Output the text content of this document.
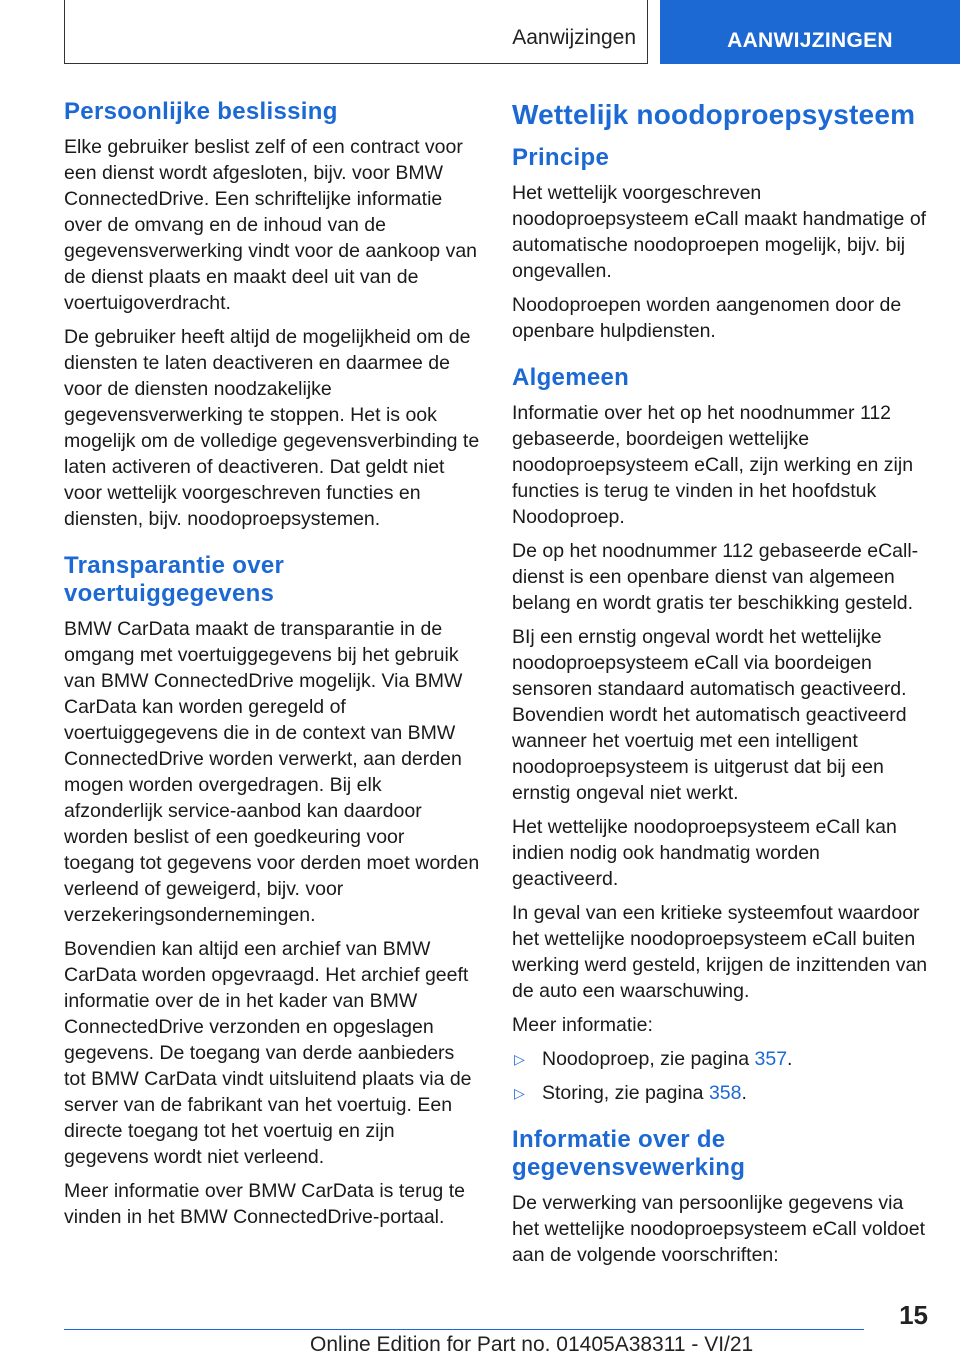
Aanwijzingen	AANWIJZINGEN
Persoonlijke beslissing

Elke gebruiker beslist zelf of een contract voor een dienst wordt afgesloten, bijv. voor BMW ConnectedDrive. Een schriftelijke informatie over de omvang en de inhoud van de gegevensverwerking vindt voor de aankoop van de dienst plaats en maakt deel uit van de voertuigoverdracht.

De gebruiker heeft altijd de mogelijkheid om de diensten te laten deactiveren en daarmee de voor de diensten noodzakelijke gegevensverwerking te stoppen. Het is ook mogelijk om de volledige gegevensverbinding te laten activeren of deactiveren. Dat geldt niet voor wettelijk voorgeschreven functies en diensten, bijv. noodoproepsystemen.

Transparantie over voertuiggegevens

BMW CarData maakt de transparantie in de omgang met voertuiggegevens bij het gebruik van BMW ConnectedDrive mogelijk. Via BMW CarData kan worden geregeld of voertuiggegevens die in de context van BMW ConnectedDrive worden verwerkt, aan derden mogen worden overgedragen. Bij elk afzonderlijk service-aanbod kan daardoor worden beslist of een goedkeuring voor toegang tot gegevens voor derden moet worden verleend of geweigerd, bijv. voor verzekeringsondernemingen.

Bovendien kan altijd een archief van BMW CarData worden opgevraagd. Het archief geeft informatie over de in het kader van BMW ConnectedDrive verzonden en opgeslagen gegevens. De toegang van derde aanbieders tot BMW CarData vindt uitsluitend plaats via de server van de fabrikant van het voertuig. Een directe toegang tot het voertuig en zijn gegevens wordt niet verleend.

Meer informatie over BMW CarData is terug te vinden in het BMW ConnectedDrive-portaal.

Wettelijk noodoproepsysteem
Principe

Het wettelijk voorgeschreven noodoproepsysteem eCall maakt handmatige of automatische noodoproepen mogelijk, bijv. bij ongevallen.

Noodoproepen worden aangenomen door de openbare hulpdiensten.

Algemeen

Informatie over het op het noodnummer 112 gebaseerde, boordeigen wettelijke noodoproepsysteem eCall, zijn werking en zijn functies is terug te vinden in het hoofdstuk Noodoproep.

De op het noodnummer 112 gebaseerde eCall-dienst is een openbare dienst van algemeen belang en wordt gratis ter beschikking gesteld.

BIj een ernstig ongeval wordt het wettelijke noodoproepsysteem eCall via boordeigen sensoren standaard automatisch geactiveerd. Bovendien wordt het automatisch geactiveerd wanneer het voertuig met een intelligent noodoproepsysteem is uitgerust dat bij een ernstig ongeval niet werkt.

Het wettelijke noodoproepsysteem eCall kan indien nodig ook handmatig worden geactiveerd.

In geval van een kritieke systeemfout waardoor het wettelijke noodoproepsysteem eCall buiten werking werd gesteld, krijgen de inzittenden van de auto een waarschuwing.

Meer informatie:

▷ Noodoproep, zie pagina 357.
▷ Storing, zie pagina 358.
Informatie over de gegevensvewerking

De verwerking van persoonlijke gegevens via het wettelijke noodoproepsysteem eCall voldoet aan de volgende voorschriften:

15
Online Edition for Part no. 01405A38311 - VI/21
